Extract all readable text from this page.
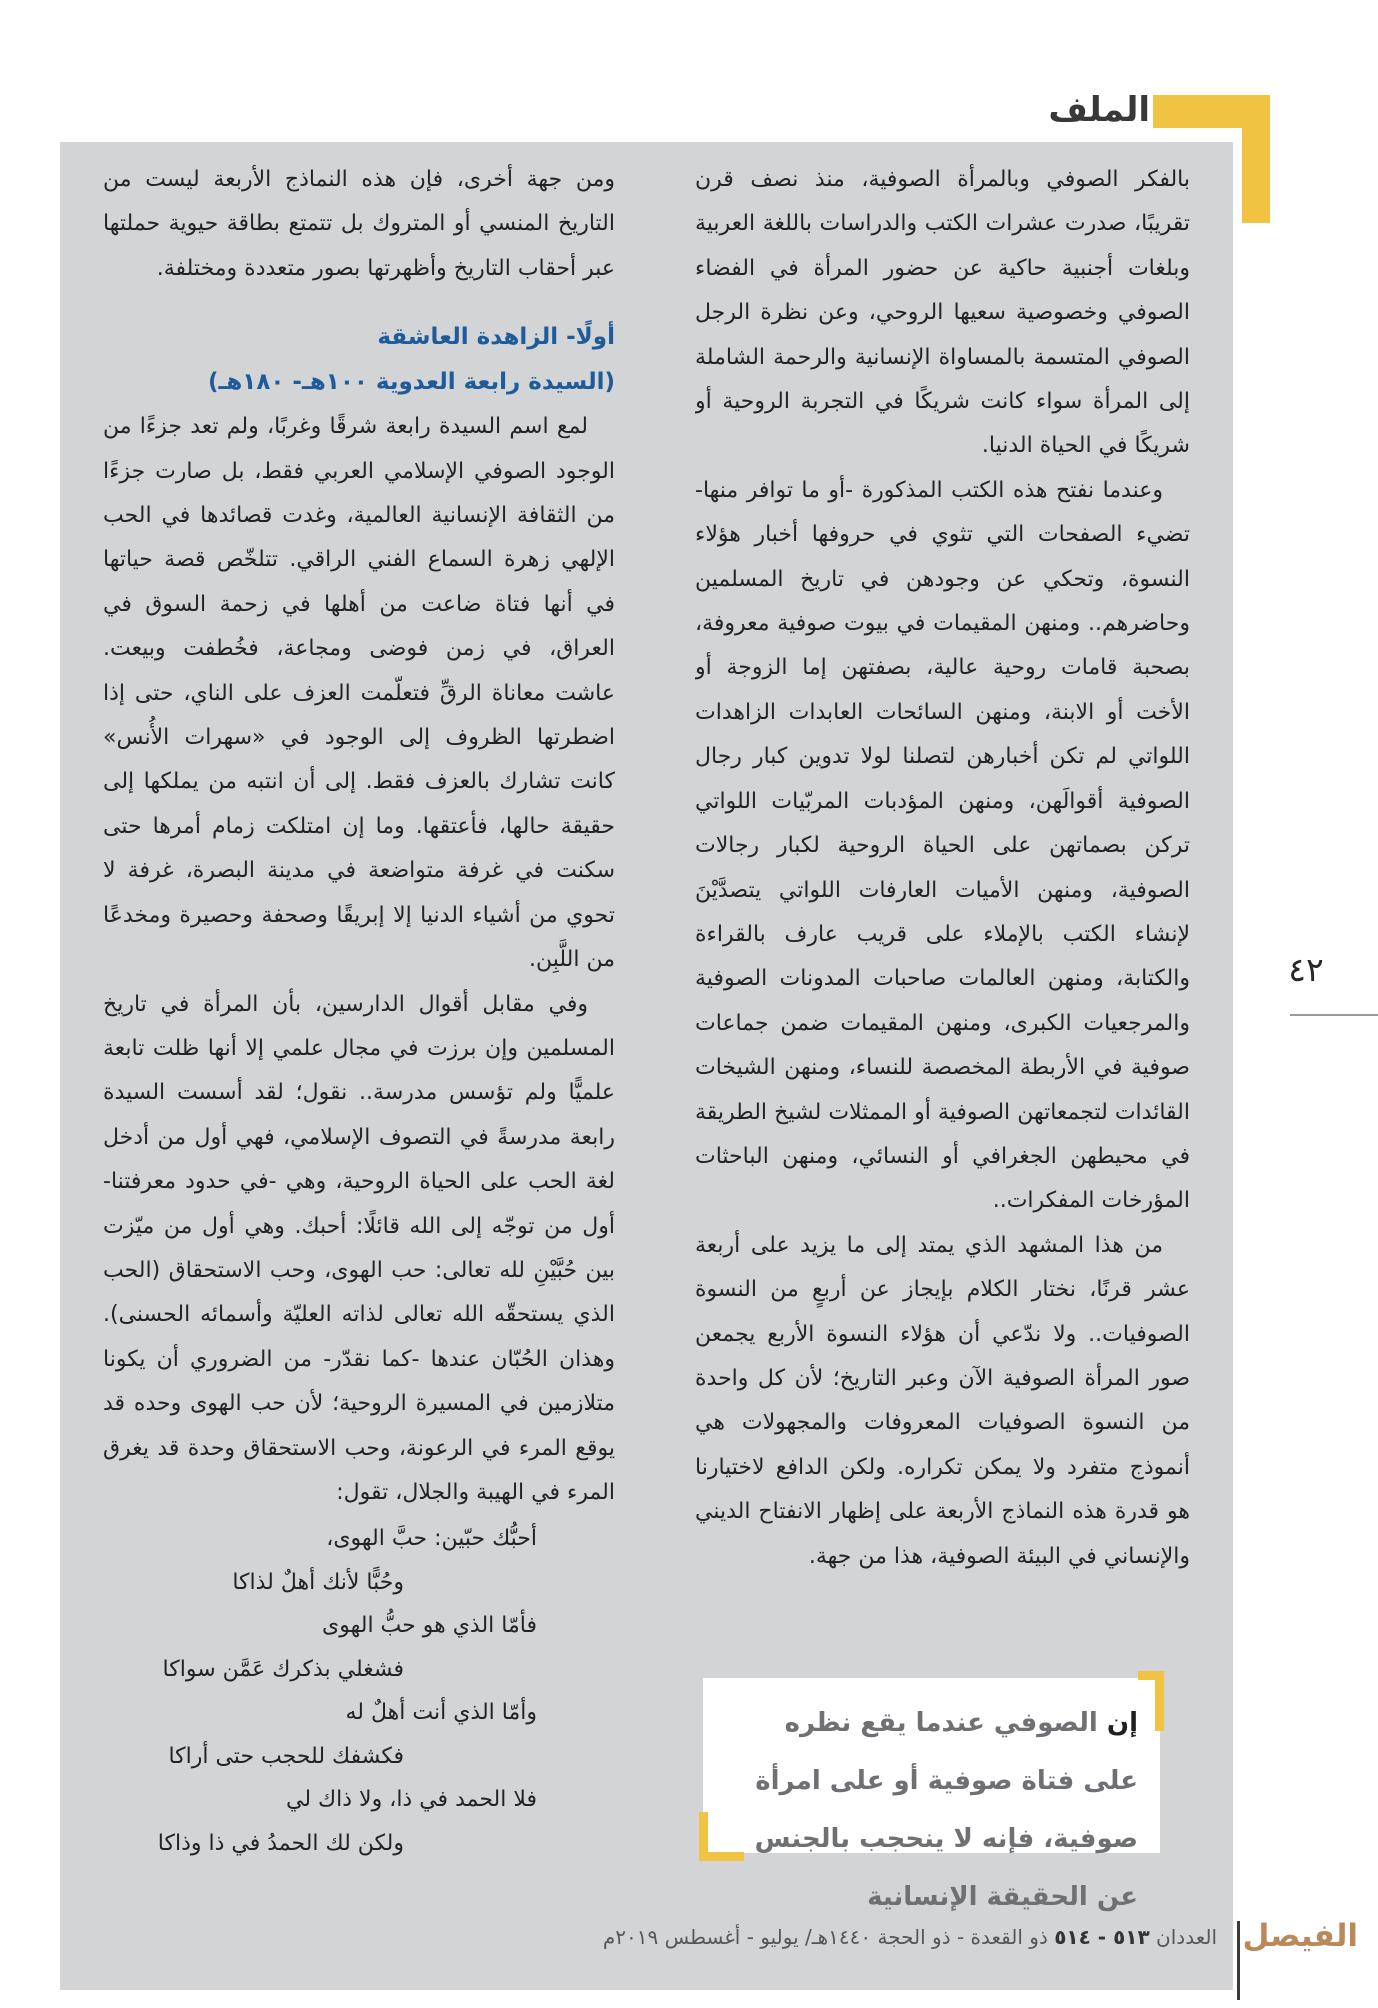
الملف

بالفكر الصوفي وبالمرأة الصوفية، منذ نصف قرن تقريبًا، صدرت عشرات الكتب والدراسات باللغة العربية وبلغات أجنبية حاكية عن حضور المرأة في الفضاء الصوفي وخصوصية سعيها الروحي، وعن نظرة الرجل الصوفي المتسمة بالمساواة الإنسانية والرحمة الشاملة إلى المرأة سواء كانت شريكًا في التجربة الروحية أو شريكًا في الحياة الدنيا.

وعندما نفتح هذه الكتب المذكورة -أو ما توافر منها- تضيء الصفحات التي تثوي في حروفها أخبار هؤلاء النسوة، وتحكي عن وجودهن في تاريخ المسلمين وحاضرهم.. ومنهن المقيمات في بيوت صوفية معروفة، بصحبة قامات روحية عالية، بصفتهن إما الزوجة أو الأخت أو الابنة، ومنهن السائحات العابدات الزاهدات اللواتي لم تكن أخبارهن لتصلنا لولا تدوين كبار رجال الصوفية أقوالَهن، ومنهن المؤدبات المربّيات اللواتي تركن بصماتهن على الحياة الروحية لكبار رجالات الصوفية، ومنهن الأميات العارفات اللواتي يتصدَّيْنَ لإنشاء الكتب بالإملاء على قريب عارف بالقراءة والكتابة، ومنهن العالمات صاحبات المدونات الصوفية والمرجعيات الكبرى، ومنهن المقيمات ضمن جماعات صوفية في الأربطة المخصصة للنساء، ومنهن الشيخات القائدات لتجمعاتهن الصوفية أو الممثلات لشيخ الطريقة في محيطهن الجغرافي أو النسائي، ومنهن الباحثات المؤرخات المفكرات..

من هذا المشهد الذي يمتد إلى ما يزيد على أربعة عشر قرنًا، نختار الكلام بإيجاز عن أربعٍ من النسوة الصوفيات.. ولا ندّعي أن هؤلاء النسوة الأربع يجمعن صور المرأة الصوفية الآن وعبر التاريخ؛ لأن كل واحدة من النسوة الصوفيات المعروفات والمجهولات هي أنموذج متفرد ولا يمكن تكراره. ولكن الدافع لاختيارنا هو قدرة هذه النماذج الأربعة على إظهار الانفتاح الديني والإنساني في البيئة الصوفية، هذا من جهة.

ومن جهة أخرى، فإن هذه النماذج الأربعة ليست من التاريخ المنسي أو المتروك بل تتمتع بطاقة حيوية حملتها عبر أحقاب التاريخ وأظهرتها بصور متعددة ومختلفة.

أولًا- الزاهدة العاشقة
(السيدة رابعة العدوية ١٠٠هـ- ١٨٠هـ)

لمع اسم السيدة رابعة شرقًا وغربًا، ولم تعد جزءًا من الوجود الصوفي الإسلامي العربي فقط، بل صارت جزءًا من الثقافة الإنسانية العالمية، وغدت قصائدها في الحب الإلهي زهرة السماع الفني الراقي. تتلخّص قصة حياتها في أنها فتاة ضاعت من أهلها في زحمة السوق في العراق، في زمن فوضى ومجاعة، فخُطفت وبيعت. عاشت معاناة الرقِّ فتعلّمت العزف على الناي، حتى إذا اضطرتها الظروف إلى الوجود في «سهرات الأُنس» كانت تشارك بالعزف فقط. إلى أن انتبه من يملكها إلى حقيقة حالها، فأعتقها. وما إن امتلكت زمام أمرها حتى سكنت في غرفة متواضعة في مدينة البصرة، غرفة لا تحوي من أشياء الدنيا إلا إبريقًا وصحفة وحصيرة ومخدعًا من اللَّبِن.

وفي مقابل أقوال الدارسين، بأن المرأة في تاريخ المسلمين وإن برزت في مجال علمي إلا أنها ظلت تابعة علميًّا ولم تؤسس مدرسة.. نقول؛ لقد أسست السيدة رابعة مدرسةً في التصوف الإسلامي، فهي أول من أدخل لغة الحب على الحياة الروحية، وهي -في حدود معرفتنا- أول من توجّه إلى الله قائلًا: أحبك. وهي أول من ميّزت بين حُبَّيْنِ لله تعالى: حب الهوى، وحب الاستحقاق (الحب الذي يستحقّه الله تعالى لذاته العليّة وأسمائه الحسنى). وهذان الحُبّان عندها -كما نقدّر- من الضروري أن يكونا متلازمين في المسيرة الروحية؛ لأن حب الهوى وحده قد يوقع المرء في الرعونة، وحب الاستحقاق وحدة قد يغرق المرء في الهيبة والجلال، تقول:

أحبُّك حبّين: حبَّ الهوى،
وحُبًّا لأنك أهلٌ لذاكا
فأمّا الذي هو حبُّ الهوى
فشغلي بذكرك عَمَّن سواكا
وأمّا الذي أنت أهلٌ له
فكشفك للحجب حتى أراكا
فلا الحمد في ذا، ولا ذاك لي
ولكن لك الحمدُ في ذا وذاكا
إن الصوفي عندما يقع نظره على فتاة صوفية أو على امرأة صوفية، فإنه لا ينحجب بالجنس عن الحقيقة الإنسانية
٤٢
العددان ٥١٣ - ٥١٤ ذو القعدة - ذو الحجة ١٤٤٠هـ/ يوليو - أغسطس ٢٠١٩م	الفيصل
